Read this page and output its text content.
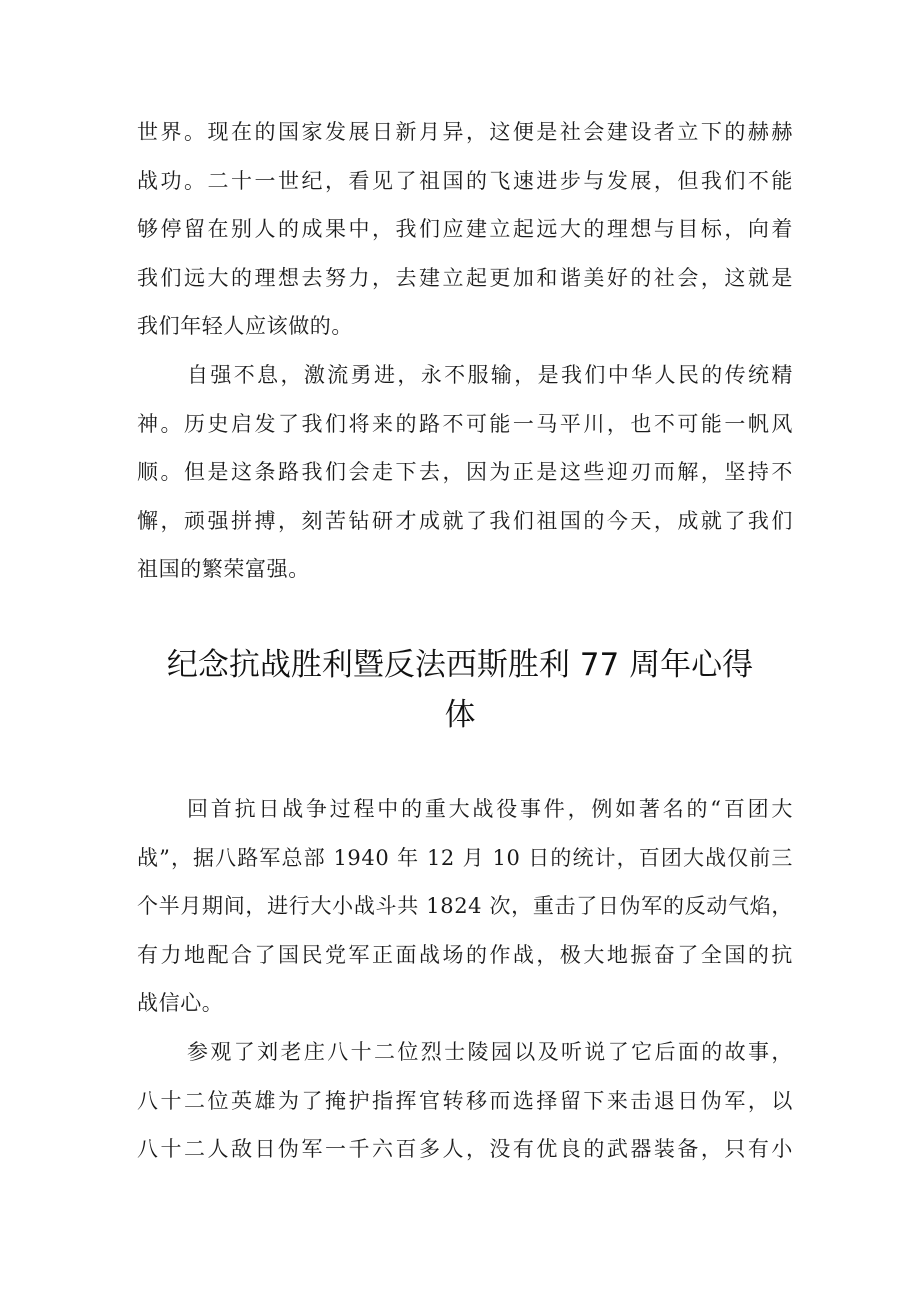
世界。现在的国家发展日新月异，这便是社会建设者立下的赫赫
战功。二十一世纪，看见了祖国的飞速进步与发展，但我们不能
够停留在别人的成果中，我们应建立起远大的理想与目标，向着
我们远大的理想去努力，去建立起更加和谐美好的社会，这就是
我们年轻人应该做的。

自强不息，激流勇进，永不服输，是我们中华人民的传统精
神。历史启发了我们将来的路不可能一马平川，也不可能一帆风
顺。但是这条路我们会走下去，因为正是这些迎刃而解，坚持不
懈，顽强拼搏，刻苦钻研才成就了我们祖国的今天，成就了我们
祖国的繁荣富强。

纪念抗战胜利暨反法西斯胜利 77 周年心得
体

回首抗日战争过程中的重大战役事件，例如著名的“百团大
战”，据八路军总部 1940 年 12 月 10 日的统计，百团大战仅前三
个半月期间，进行大小战斗共 1824 次，重击了日伪军的反动气焰，
有力地配合了国民党军正面战场的作战，极大地振奋了全国的抗
战信心。

参观了刘老庄八十二位烈士陵园以及听说了它后面的故事，
八十二位英雄为了掩护指挥官转移而选择留下来击退日伪军，以
八十二人敌日伪军一千六百多人，没有优良的武器装备，只有小
